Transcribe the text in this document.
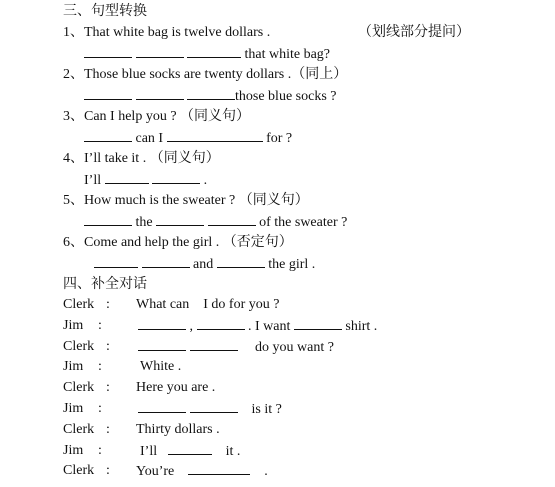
三、句型转换
1、That white bag is twelve dollars .	（划线部分提问）
that white bag?
2、Those blue socks are twenty dollars .（同上）
those blue socks ?
3、Can I help you ? （同义句）
can I	for ?
4、I’ll take it . （同义句）
I’ll	.
5、How much is the sweater ? （同义句）
the	of the sweater ?
6、Come and help the girl . （否定句）
and	the girl .
四、补全对话
Clerk : What can    I do for you ?
Jim :	,	. I want	shirt .
Clerk :	do you want ?
Jim :	White .
Clerk : Here you are .
Jim :	is it ?
Clerk : Thirty dollars .
Jim :	I’ll	it .
Clerk : You’re	.
